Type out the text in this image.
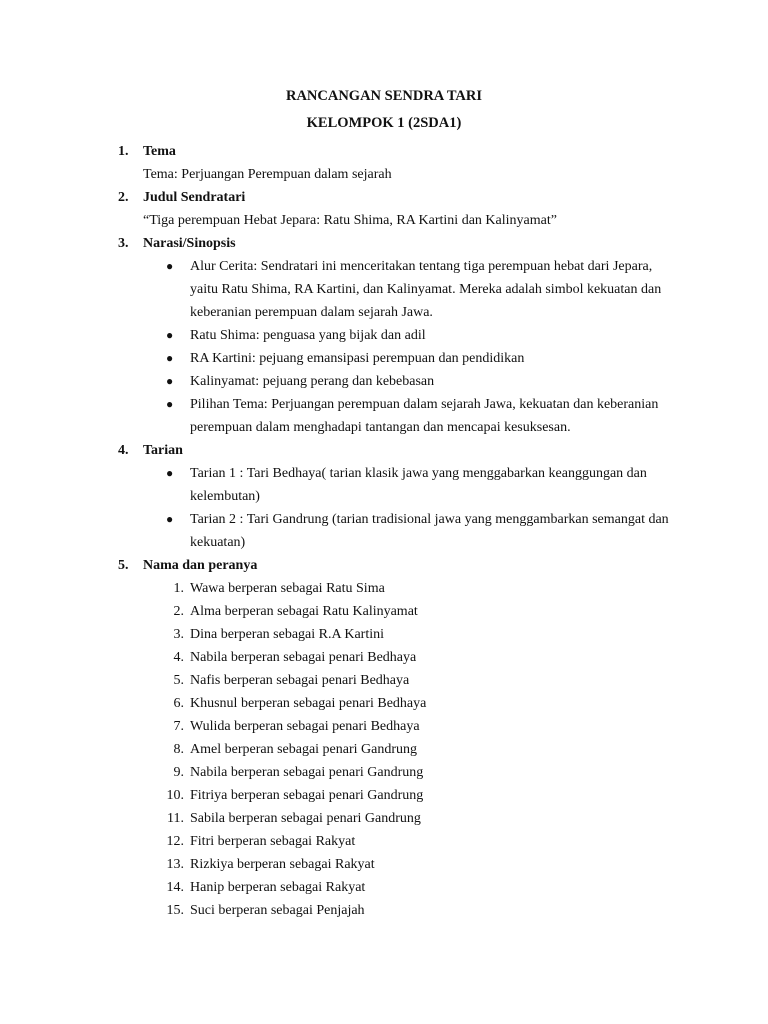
RANCANGAN SENDRA TARI
KELOMPOK 1 (2SDA1)
1. Tema
Tema: Perjuangan Perempuan dalam sejarah
2. Judul Sendratari
“Tiga perempuan Hebat Jepara: Ratu Shima, RA Kartini dan Kalinyamat”
3. Narasi/Sinopsis
● Alur Cerita: Sendratari ini menceritakan tentang tiga perempuan hebat dari Jepara, yaitu Ratu Shima, RA Kartini, dan Kalinyamat. Mereka adalah simbol kekuatan dan keberanian perempuan dalam sejarah Jawa.
● Ratu Shima: penguasa yang bijak dan adil
● RA Kartini: pejuang emansipasi perempuan dan pendidikan
● Kalinyamat: pejuang perang dan kebebasan
● Pilihan Tema: Perjuangan perempuan dalam sejarah Jawa, kekuatan dan keberanian perempuan dalam menghadapi tantangan dan mencapai kesuksesan.
4. Tarian
● Tarian 1 : Tari Bedhaya( tarian klasik jawa yang menggabarkan keanggungan dan kelembutan)
● Tarian 2 : Tari Gandrung (tarian tradisional jawa yang menggambarkan semangat dan kekuatan)
5. Nama dan peranya
1. Wawa berperan sebagai Ratu Sima
2. Alma berperan sebagai Ratu Kalinyamat
3. Dina berperan sebagai R.A Kartini
4. Nabila berperan sebagai penari Bedhaya
5. Nafis berperan sebagai penari Bedhaya
6. Khusnul berperan sebagai penari Bedhaya
7. Wulida berperan sebagai penari Bedhaya
8. Amel berperan sebagai penari Gandrung
9. Nabila berperan sebagai penari Gandrung
10. Fitriya berperan sebagai penari Gandrung
11. Sabila berperan sebagai penari Gandrung
12. Fitri berperan sebagai Rakyat
13. Rizkiya berperan sebagai Rakyat
14. Hanip berperan sebagai Rakyat
15. Suci berperan sebagai Penjajah
